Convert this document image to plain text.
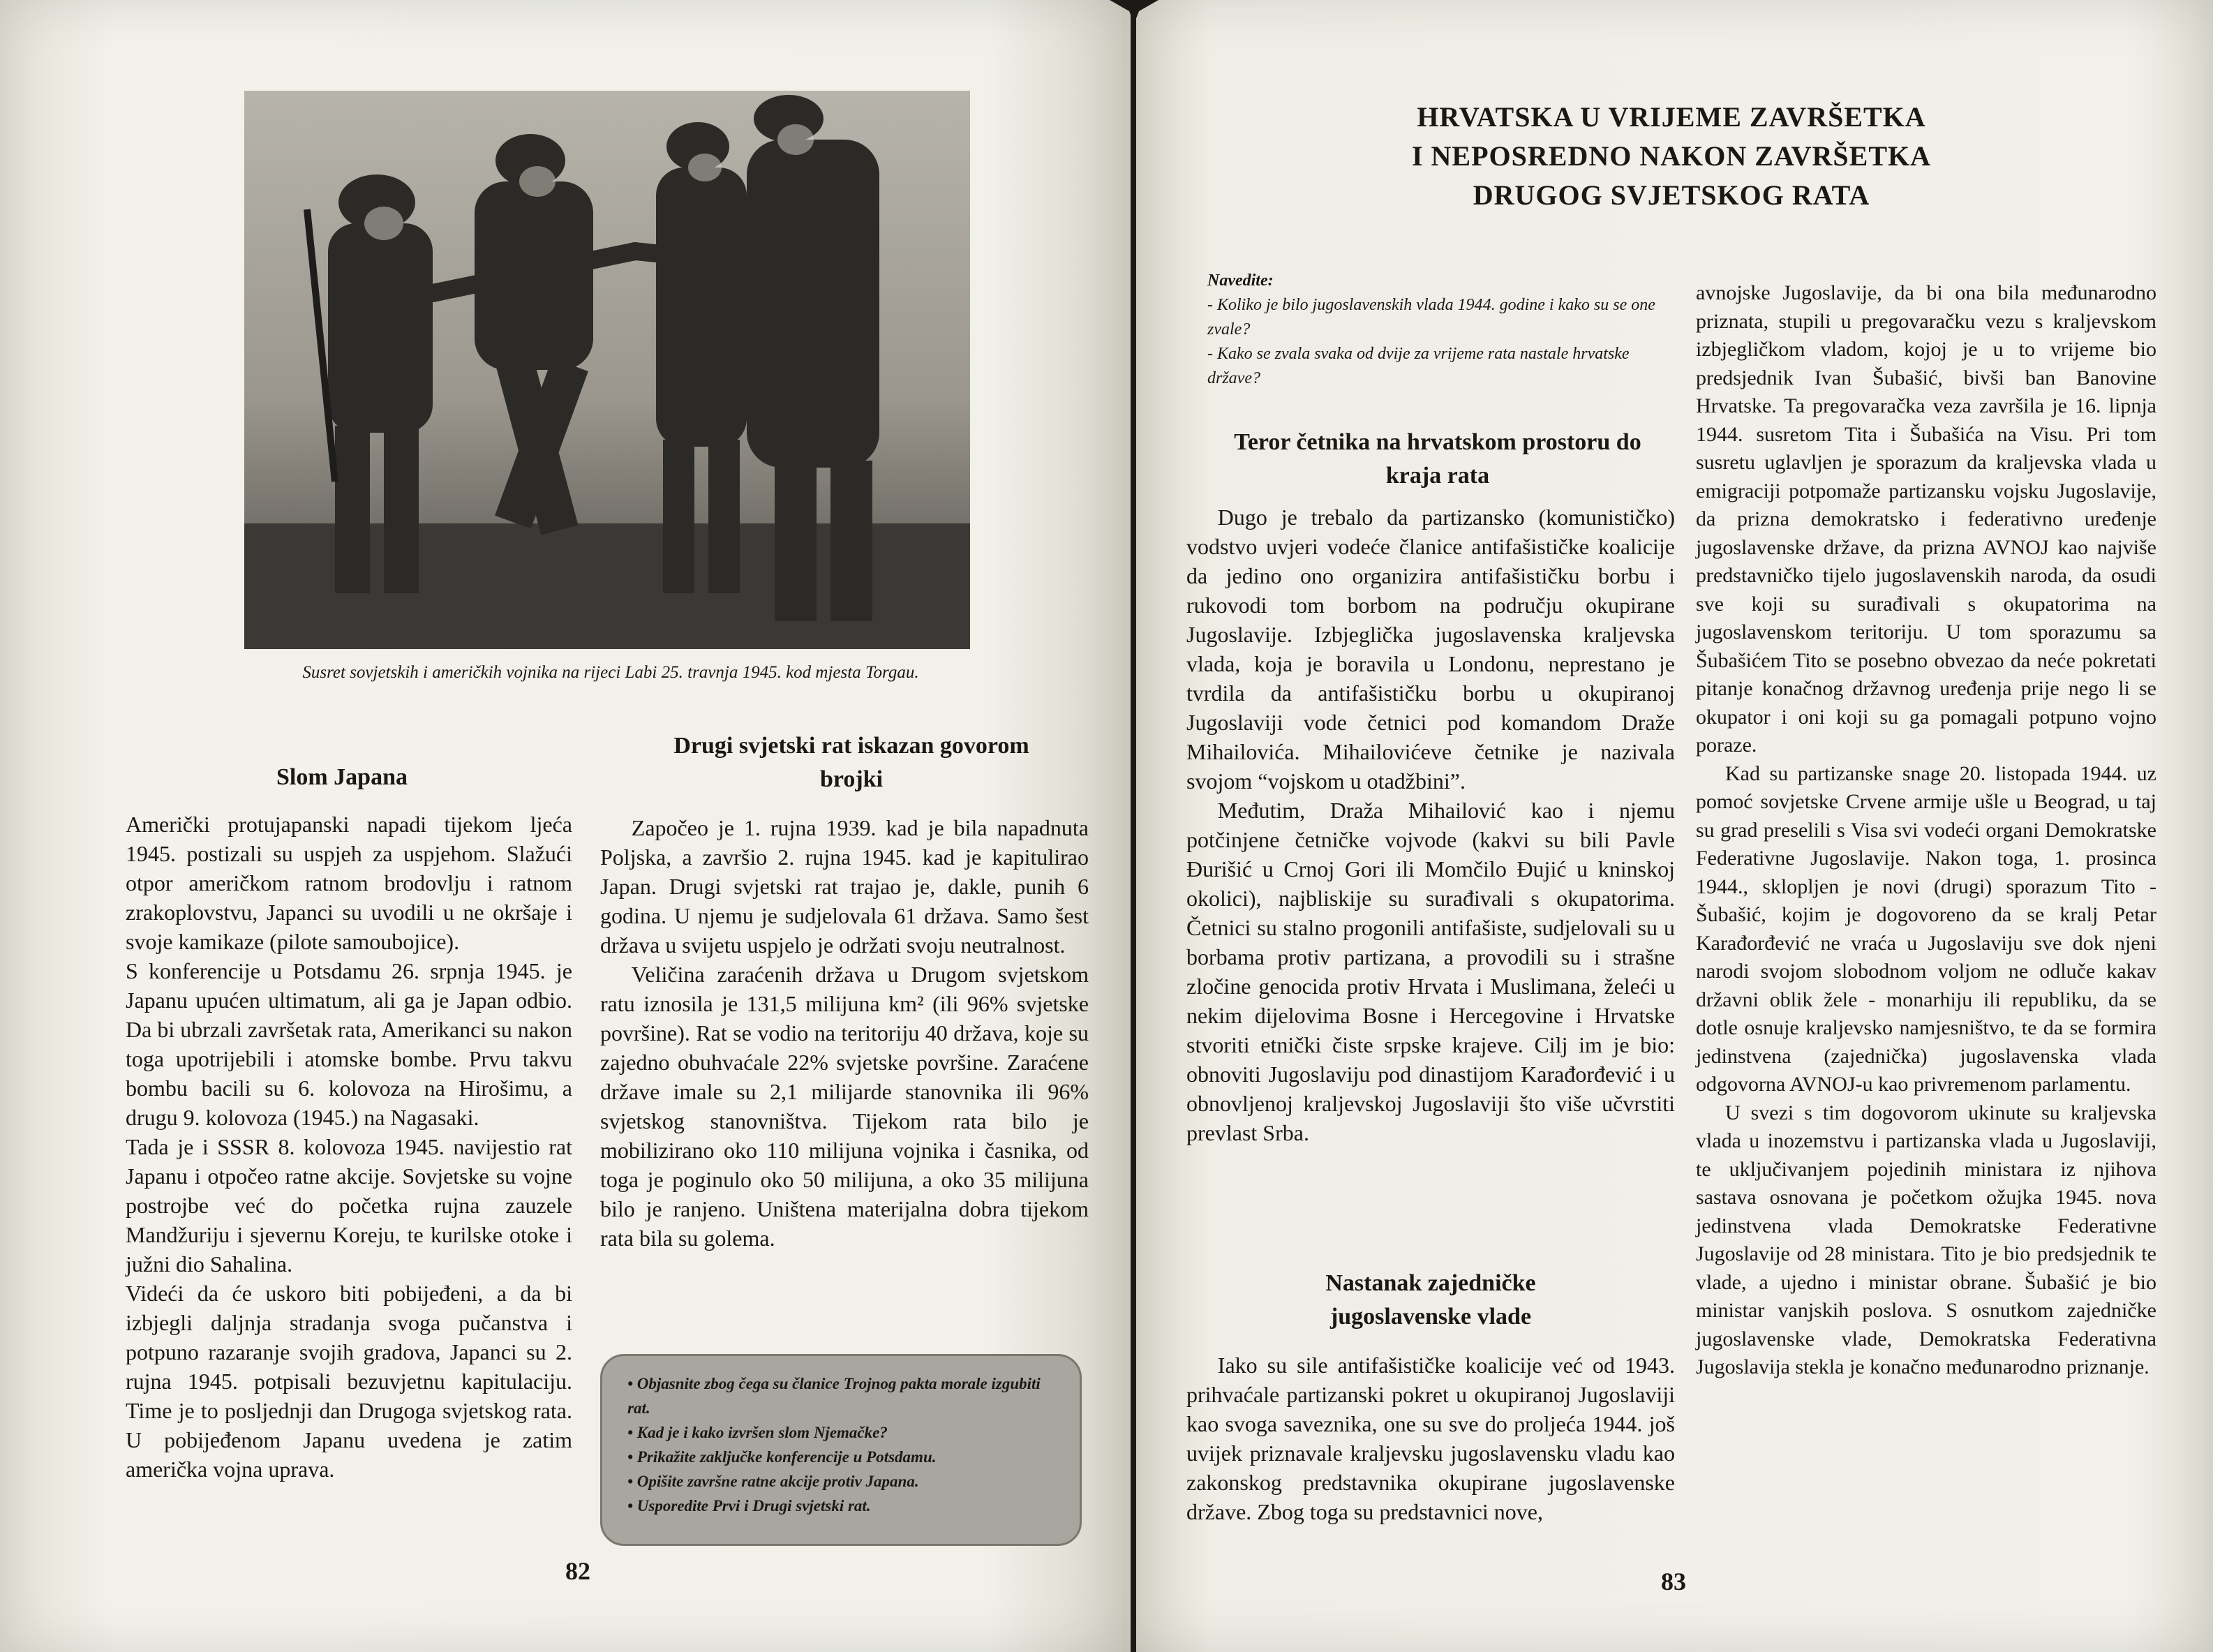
Susret sovjetskih i američkih vojnika na rijeci Labi 25. travnja 1945. kod mjesta Torgau.

Slom Japana

Američki protujapanski napadi tijekom ljeća 1945. postizali su uspjeh za uspjehom. Slažući otpor američkom ratnom brodovlju i ratnom zrakoplovstvu, Japanci su uvodili u ne okršaje i svoje kamikaze (pilote samoubojice).

S konferencije u Potsdamu 26. srpnja 1945. je Japanu upućen ultimatum, ali ga je Japan odbio. Da bi ubrzali završetak rata, Amerikanci su nakon toga upotrijebili i atomske bombe. Prvu takvu bombu bacili su 6. kolovoza na Hirošimu, a drugu 9. kolovoza (1945.) na Nagasaki.

Tada je i SSSR 8. kolovoza 1945. navijestio rat Japanu i otpočeo ratne akcije. Sovjetske su vojne postrojbe već do početka rujna zauzele Mandžuriju i sjevernu Koreju, te kurilske otoke i južni dio Sahalina.

Videći da će uskoro biti pobijeđeni, a da bi izbjegli daljnja stradanja svoga pučanstva i potpuno razaranje svojih gradova, Japanci su 2. rujna 1945. potpisali bezuvjetnu kapitulaciju. Time je to posljednji dan Drugoga svjetskog rata. U pobijeđenom Japanu uvedena je zatim američka vojna uprava.

Drugi svjetski rat iskazan govorom brojki

Započeo je 1. rujna 1939. kad je bila napadnuta Poljska, a završio 2. rujna 1945. kad je kapitulirao Japan. Drugi svjetski rat trajao je, dakle, punih 6 godina. U njemu je sudjelovala 61 država. Samo šest država u svijetu uspjelo je održati svoju neutralnost.

Veličina zaraćenih država u Drugom svjetskom ratu iznosila je 131,5 milijuna km² (ili 96% svjetske površine). Rat se vodio na teritoriju 40 država, koje su zajedno obuhvaćale 22% svjetske površine. Zaraćene države imale su 2,1 milijarde stanovnika ili 96% svjetskog stanovništva. Tijekom rata bilo je mobilizirano oko 110 milijuna vojnika i časnika, od toga je poginulo oko 50 milijuna, a oko 35 milijuna bilo je ranjeno. Uništena materijalna dobra tijekom rata bila su golema.

• Objasnite zbog čega su članice Trojnog pakta morale izgubiti rat.
• Kad je i kako izvršen slom Njemačke?
• Prikažite zaključke konferencije u Potsdamu.
• Opišite završne ratne akcije protiv Japana.
• Usporedite Prvi i Drugi svjetski rat.

82

HRVATSKA U VRIJEME ZAVRŠETKA
I NEPOSREDNO NAKON ZAVRŠETKA
DRUGOG SVJETSKOG RATA
Navedite:
- Koliko je bilo jugoslavenskih vlada 1944. godine i kako su se one zvale?
- Kako se zvala svaka od dvije za vrijeme rata nastale hrvatske države?
Teror četnika na hrvatskom prostoru do kraja rata

Dugo je trebalo da partizansko (komunističko) vodstvo uvjeri vodeće članice antifašističke koalicije da jedino ono organizira antifašističku borbu i rukovodi tom borbom na području okupirane Jugoslavije. Izbjeglička jugoslavenska kraljevska vlada, koja je boravila u Londonu, neprestano je tvrdila da antifašističku borbu u okupiranoj Jugoslaviji vode četnici pod komandom Draže Mihailovića. Mihailovićeve četnike je nazivala svojom “vojskom u otadžbini”.

Međutim, Draža Mihailović kao i njemu potčinjene četničke vojvode (kakvi su bili Pavle Đurišić u Crnoj Gori ili Momčilo Đujić u kninskoj okolici), najbliskije su surađivali s okupatorima. Četnici su stalno progonili antifašiste, sudjelovali su u borbama protiv partizana, a provodili su i strašne zločine genocida protiv Hrvata i Muslimana, želeći u nekim dijelovima Bosne i Hercegovine i Hrvatske stvoriti etnički čiste srpske krajeve. Cilj im je bio: obnoviti Jugoslaviju pod dinastijom Karađorđević i u obnovljenoj kraljevskoj Jugoslaviji što više učvrstiti prevlast Srba.

Nastanak zajedničke jugoslavenske vlade

Iako su sile antifašističke koalicije već od 1943. prihvaćale partizanski pokret u okupiranoj Jugoslaviji kao svoga saveznika, one su sve do proljeća 1944. još uvijek priznavale kraljevsku jugoslavensku vladu kao zakonskog predstavnika okupirane jugoslavenske države. Zbog toga su predstavnici nove,

avnojske Jugoslavije, da bi ona bila međunarodno priznata, stupili u pregovaračku vezu s kraljevskom izbjegličkom vladom, kojoj je u to vrijeme bio predsjednik Ivan Šubašić, bivši ban Banovine Hrvatske. Ta pregovaračka veza završila je 16. lipnja 1944. susretom Tita i Šubašića na Visu. Pri tom susretu uglavljen je sporazum da kraljevska vlada u emigraciji potpomaže partizansku vojsku Jugoslavije, da prizna demokratsko i federativno uređenje jugoslavenske države, da prizna AVNOJ kao najviše predstavničko tijelo jugoslavenskih naroda, da osudi sve koji su surađivali s okupatorima na jugoslavenskom teritoriju. U tom sporazumu sa Šubašićem Tito se posebno obvezao da neće pokretati pitanje konačnog državnog uređenja prije nego li se okupator i oni koji su ga pomagali potpuno vojno poraze.

Kad su partizanske snage 20. listopada 1944. uz pomoć sovjetske Crvene armije ušle u Beograd, u taj su grad preselili s Visa svi vodeći organi Demokratske Federativne Jugoslavije. Nakon toga, 1. prosinca 1944., sklopljen je novi (drugi) sporazum Tito - Šubašić, kojim je dogovoreno da se kralj Petar Karađorđević ne vraća u Jugoslaviju sve dok njeni narodi svojom slobodnom voljom ne odluče kakav državni oblik žele - monarhiju ili republiku, da se dotle osnuje kraljevsko namjesništvo, te da se formira jedinstvena (zajednička) jugoslavenska vlada odgovorna AVNOJ-u kao privremenom parlamentu.

U svezi s tim dogovorom ukinute su kraljevska vlada u inozemstvu i partizanska vlada u Jugoslaviji, te uključivanjem pojedinih ministara iz njihova sastava osnovana je početkom ožujka 1945. nova jedinstvena vlada Demokratske Federativne Jugoslavije od 28 ministara. Tito je bio predsjednik te vlade, a ujedno i ministar obrane. Šubašić je bio ministar vanjskih poslova. S osnutkom zajedničke jugoslavenske vlade, Demokratska Federativna Jugoslavija stekla je konačno međunarodno priznanje.

83
